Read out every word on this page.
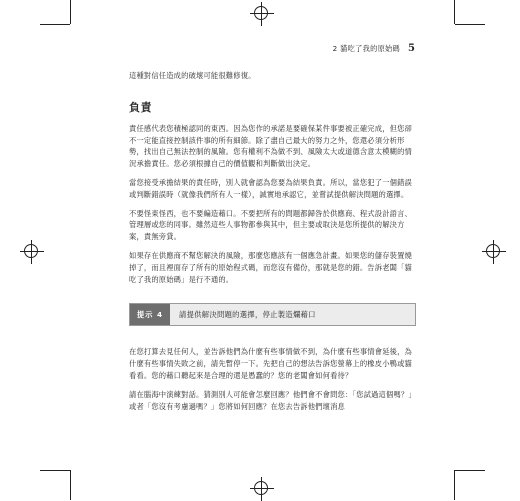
2 貓吃了我的原始碼 5

這種對信任造成的破壞可能很難修復。

負責

責任感代表您積極認同的東西。因為您作的承諾是要確保某件事要被正確完成，但您卻不一定能直接控制該件事的所有細節。除了盡自己最大的努力之外，您還必須分析形勢，找出自己無法控制的風險。您有權利不為做不到、風險太大或道德含意太模糊的情況承擔責任。您必須根據自己的價值觀和判斷做出決定。

當您接受承擔結果的責任時，別人就會認為您要為結果負責。所以，當您犯了一個錯誤或判斷錯誤時（就像我們所有人一樣），誠實地承認它，並嘗試提供解決問題的選擇。

不要怪東怪西，也不要編造藉口。不要把所有的問題都歸咎於供應商、程式設計語言、管理層或您的同事。雖然這些人事物都參與其中，但主要或取決是您所提供的解決方案，責無旁貸。

如果存在供應商不幫您解決的風險，那麼您應該有一個應急計畫。如果您的儲存裝置燒掉了，而且裡面存了所有的原始程式碼，而您沒有備份，那就是您的錯。告訴老闆「貓吃了我的原始碼」是行不通的。

提示 4	請提供解決問題的選擇，停止製造爛藉口

在您打算去見任何人，並告訴他們為什麼有些事情做不到，為什麼有些事情會延後，為什麼有些事情失敗之前，請先暫停一下。先把自己的想法告訴您螢幕上的橡皮小鴨或貓看看。您的藉口聽起來是合理的還是愚蠢的？您的老闆會如何看待？

請在腦海中演練對話。猜測別人可能會怎麼回應？他們會不會問您：「您試過這個嗎？」或者「您沒有考慮過嗎？」您將如何回應？在您去告訴他們壞消息
